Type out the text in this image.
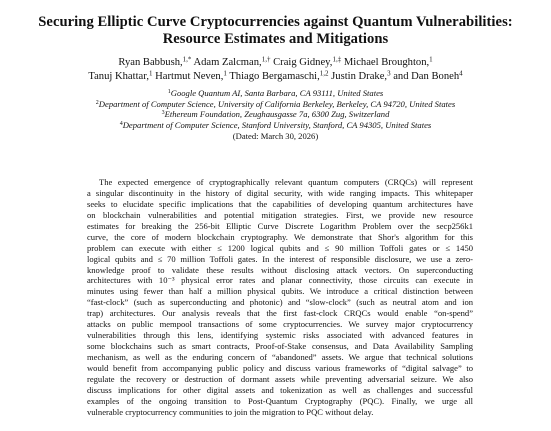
Securing Elliptic Curve Cryptocurrencies against Quantum Vulnerabilities:
Resource Estimates and Mitigations
Ryan Babbush,$^{1,*}$ Adam Zalcman,$^{1,\dagger}$ Craig Gidney,$^{1,\ddagger}$ Michael Broughton,$^1$
Tanuj Khattar,$^1$ Hartmut Neven,$^1$ Thiago Bergamaschi,$^{1,2}$ Justin Drake,$^3$ and Dan Boneh$^4$
$^1$Google Quantum AI, Santa Barbara, CA 93111, United States
$^2$Department of Computer Science, University of California Berkeley, Berkeley, CA 94720, United States
$^3$Ethereum Foundation, Zeughausgasse 7a, 6300 Zug, Switzerland
$^4$Department of Computer Science, Stanford University, Stanford, CA 94305, United States
(Dated: March 30, 2026)
The expected emergence of cryptographically relevant quantum computers (CRQCs) will represent
a singular discontinuity in the history of digital security, with wide ranging impacts. This whitepaper
seeks to elucidate specific implications that the capabilities of developing quantum architectures have
on blockchain vulnerabilities and potential mitigation strategies. First, we provide new resource
estimates for breaking the 256-bit Elliptic Curve Discrete Logarithm Problem over the secp256k1
curve, the core of modern blockchain cryptography. We demonstrate that Shor's algorithm for this
problem can execute with either ≤ 1200 logical qubits and ≤ 90 million Toffoli gates or ≤ 1450
logical qubits and ≤ 70 million Toffoli gates. In the interest of responsible disclosure, we use a zero-
knowledge proof to validate these results without disclosing attack vectors. On superconducting
architectures with 10⁻³ physical error rates and planar connectivity, those circuits can execute in
minutes using fewer than half a million physical qubits. We introduce a critical distinction between
“fast-clock” (such as superconducting and photonic) and “slow-clock” (such as neutral atom and ion
trap) architectures. Our analysis reveals that the first fast-clock CRQCs would enable “on-spend”
attacks on public mempool transactions of some cryptocurrencies. We survey major cryptocurrency
vulnerabilities through this lens, identifying systemic risks associated with advanced features in
some blockchains such as smart contracts, Proof-of-Stake consensus, and Data Availability Sampling
mechanism, as well as the enduring concern of “abandoned” assets. We argue that technical solutions
would benefit from accompanying public policy and discuss various frameworks of “digital salvage” to
regulate the recovery or destruction of dormant assets while preventing adversarial seizure. We also
discuss implications for other digital assets and tokenization as well as challenges and successful
examples of the ongoing transition to Post-Quantum Cryptography (PQC). Finally, we urge all
vulnerable cryptocurrency communities to join the migration to PQC without delay.
